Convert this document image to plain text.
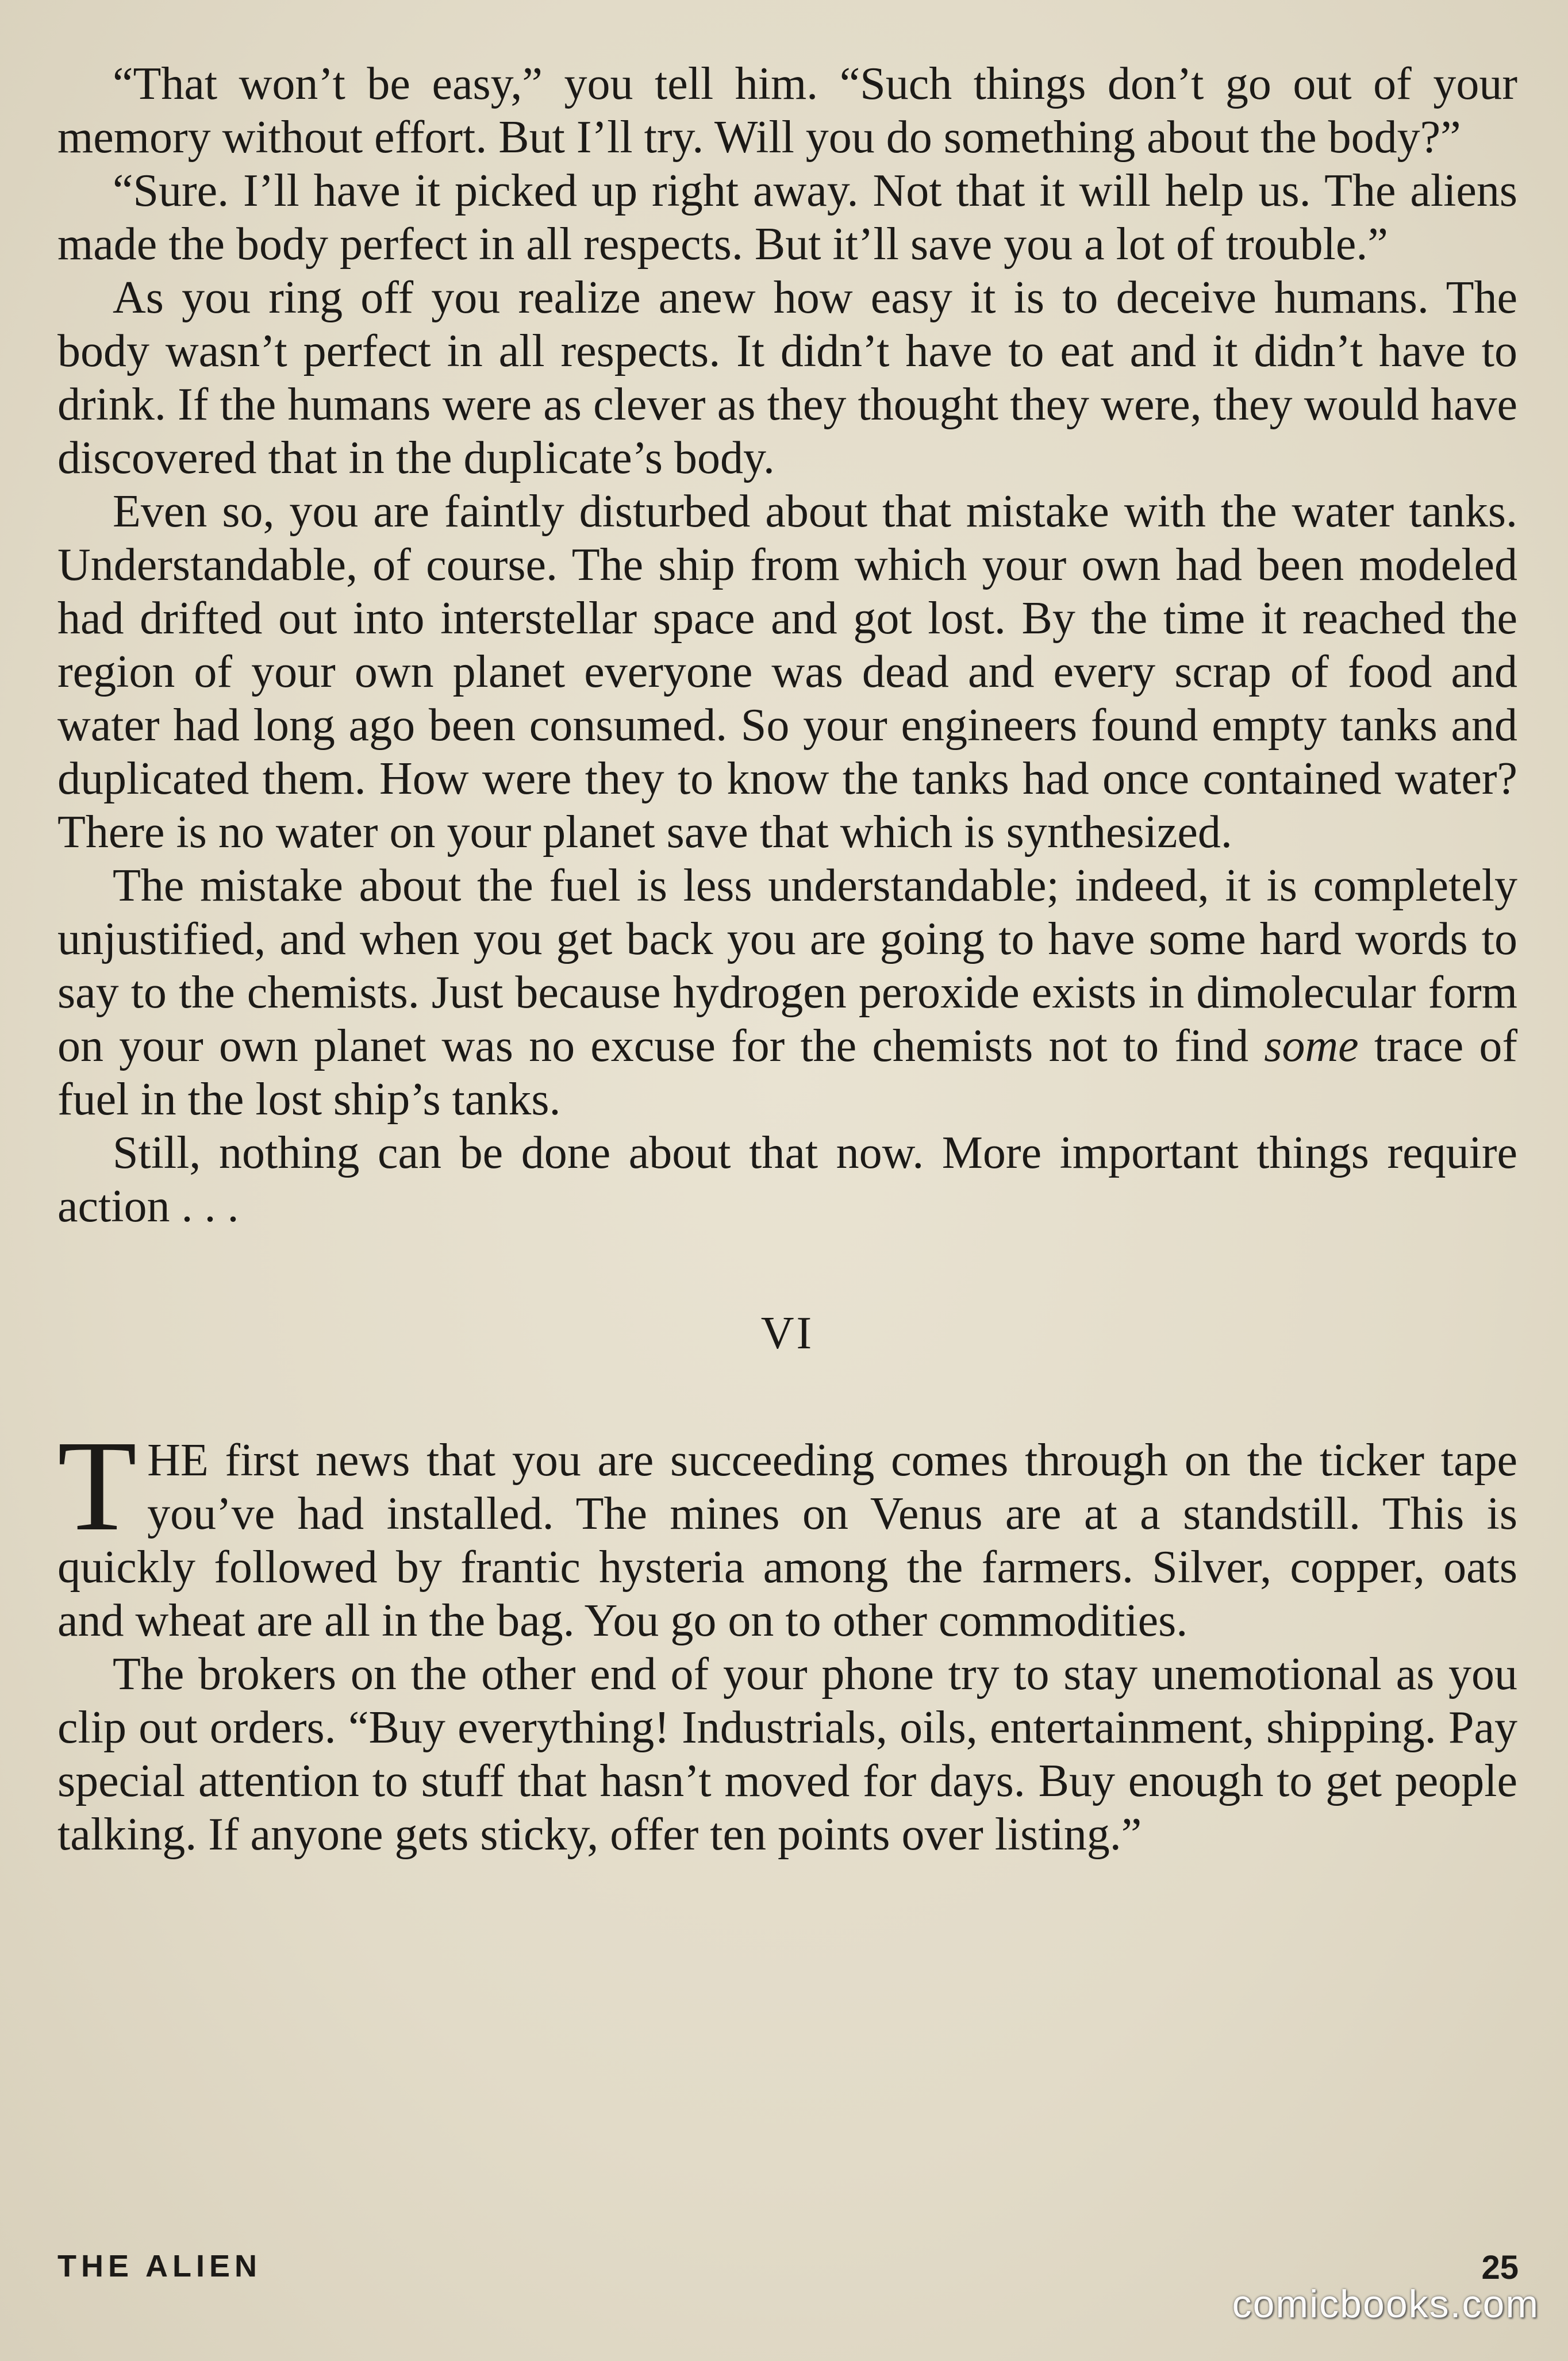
“That won’t be easy,” you tell him. “Such things don’t go out of your memory without effort. But I’ll try. Will you do something about the body?”

“Sure. I’ll have it picked up right away. Not that it will help us. The aliens made the body perfect in all respects. But it’ll save you a lot of trouble.”

As you ring off you realize anew how easy it is to deceive humans. The body wasn’t perfect in all respects. It didn’t have to eat and it didn’t have to drink. If the humans were as clever as they thought they were, they would have discovered that in the duplicate’s body.

Even so, you are faintly disturbed about that mistake with the water tanks. Understandable, of course. The ship from which your own had been modeled had drifted out into interstellar space and got lost. By the time it reached the region of your own planet everyone was dead and every scrap of food and water had long ago been consumed. So your engineers found empty tanks and duplicated them. How were they to know the tanks had once contained water? There is no water on your planet save that which is synthesized.

The mistake about the fuel is less understandable; indeed, it is completely unjustified, and when you get back you are going to have some hard words to say to the chemists. Just because hydrogen peroxide exists in dimolecular form on your own planet was no excuse for the chemists not to find some trace of fuel in the lost ship’s tanks.

Still, nothing can be done about that now. More important things require action . . .

VI

THE first news that you are succeeding comes through on the ticker tape you’ve had installed. The mines on Venus are at a standstill. This is quickly followed by frantic hysteria among the farmers. Silver, copper, oats and wheat are all in the bag. You go on to other commodities.

The brokers on the other end of your phone try to stay unemotional as you clip out orders. “Buy everything! Industrials, oils, entertainment, shipping. Pay special attention to stuff that hasn’t moved for days. Buy enough to get people talking. If anyone gets sticky, offer ten points over listing.”

THE ALIEN	25
comicbooks.com
